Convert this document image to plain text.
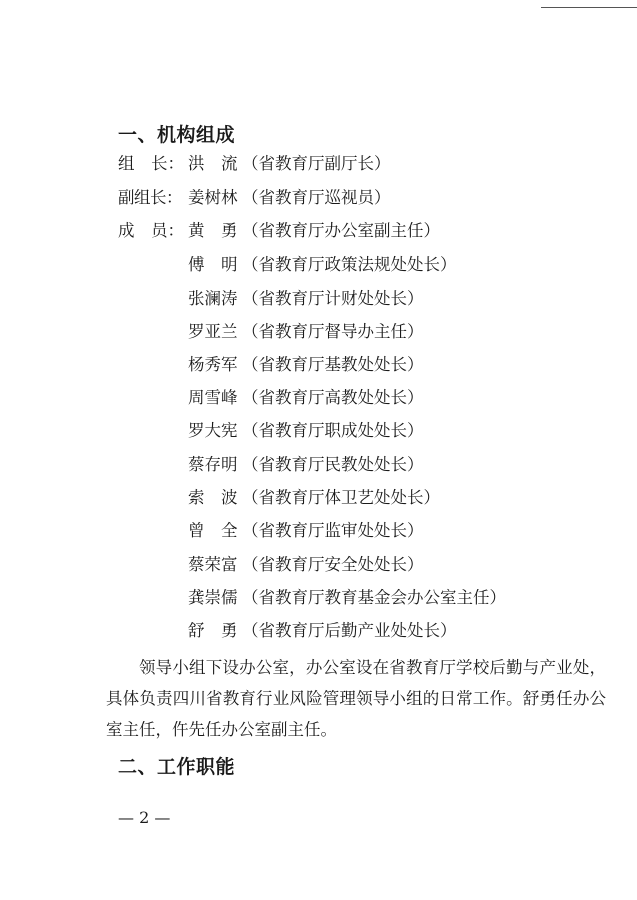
一、机构组成
组　长： 洪　流 （省教育厅副厅长）
副组长： 姜树林 （省教育厅巡视员）
成　员： 黄　勇 （省教育厅办公室副主任）
傅　明 （省教育厅政策法规处处长）
张澜涛 （省教育厅计财处处长）
罗亚兰 （省教育厅督导办主任）
杨秀军 （省教育厅基教处处长）
周雪峰 （省教育厅高教处处长）
罗大宪 （省教育厅职成处处长）
蔡存明 （省教育厅民教处处长）
索　波 （省教育厅体卫艺处处长）
曾　全 （省教育厅监审处处长）
蔡荣富 （省教育厅安全处处长）
龚崇儒 （省教育厅教育基金会办公室主任）
舒　勇 （省教育厅后勤产业处处长）
领导小组下设办公室，办公室设在省教育厅学校后勤与产业处，具体负责四川省教育行业风险管理领导小组的日常工作。舒勇任办公室主任，仵先任办公室副主任。
二、工作职能
— 2 —
